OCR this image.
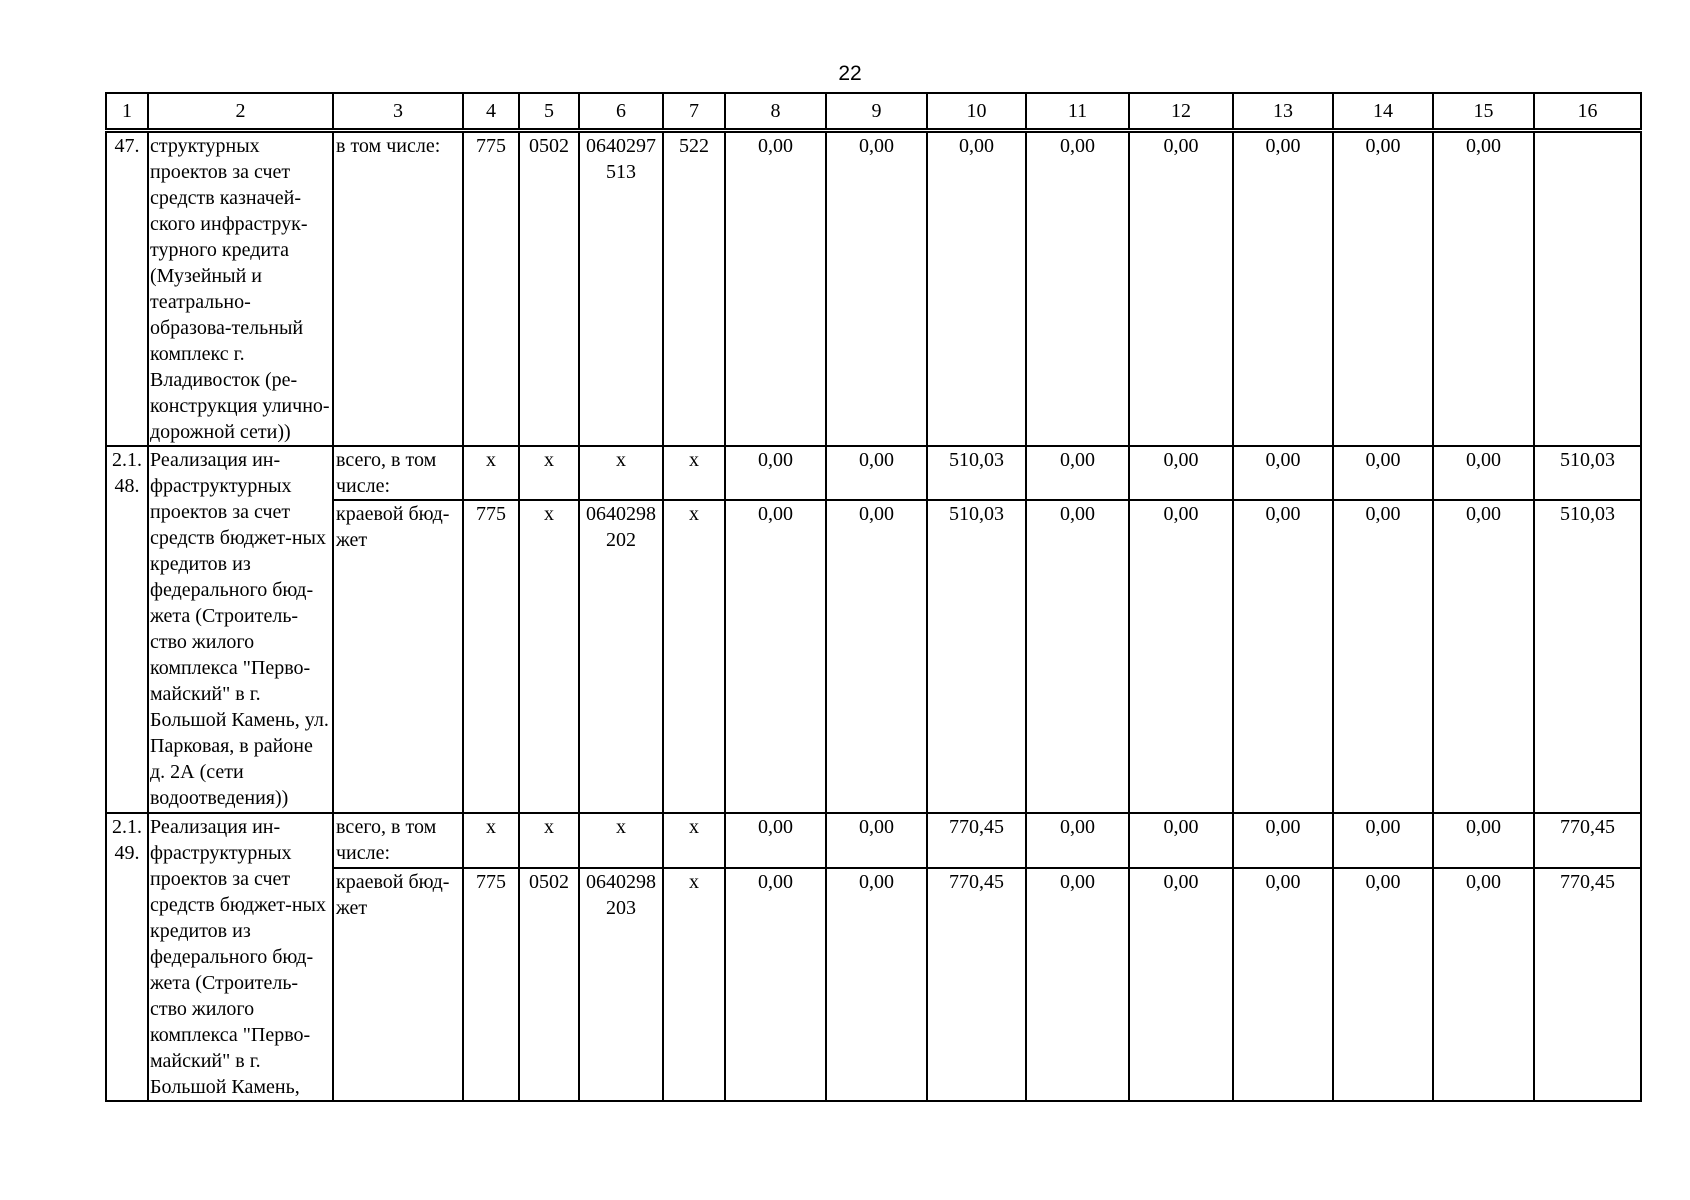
22
1	2	3	4	5	6	7	8	9	10	11	12	13	14	15	16
47.	структурных проектов за счет средств казначей-ского инфраструк-турного кредита (Музейный и театрально-образова-тельный комплекс г. Владивосток (ре-конструкция улично-дорожной сети))	в том числе:	775	0502	0640297 513	522	0,00	0,00	0,00	0,00	0,00	0,00	0,00	0,00	
2.1. 48.	Реализация ин-фраструктурных проектов за счет средств бюджет-ных кредитов из федерального бюд-жета (Строитель-ство жилого комплекса "Перво-майский" в г. Большой Камень, ул. Парковая, в районе д. 2А (сети водоотведения))	всего, в том числе:	x	x	x	x	0,00	0,00	510,03	0,00	0,00	0,00	0,00	0,00	510,03
		краевой бюд-жет	775	x	0640298 202	x	0,00	0,00	510,03	0,00	0,00	0,00	0,00	0,00	510,03
2.1. 49.	Реализация ин-фраструктурных проектов за счет средств бюджет-ных кредитов из федерального бюд-жета (Строитель-ство жилого комплекса "Перво-майский" в г. Большой Камень,	всего, в том числе:	x	x	x	x	0,00	0,00	770,45	0,00	0,00	0,00	0,00	0,00	770,45
		краевой бюд-жет	775	0502	0640298 203	x	0,00	0,00	770,45	0,00	0,00	0,00	0,00	0,00	770,45
